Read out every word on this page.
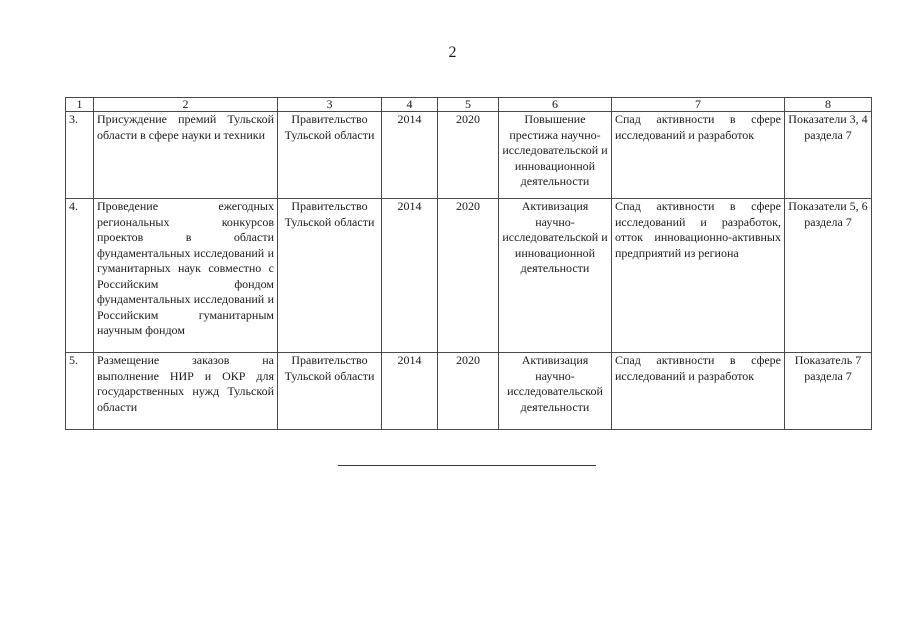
2
1	2	3	4	5	6	7	8
3.	Присуждение премий Тульской области в сфере науки и техники	Правительство Тульской области	2014	2020	Повышение престижа научно-исследовательской и инновационной деятельности	Спад активности в сфере исследований и разработок	Показатели 3, 4 раздела 7
4.	Проведение ежегодных региональных конкурсов проектов в области фундаментальных исследований и гуманитарных наук совместно с Российским фондом фундаментальных исследований и Российским гуманитарным научным фондом	Правительство Тульской области	2014	2020	Активизация научно-исследовательской и инновационной деятельности	Спад активности в сфере исследований и разработок, отток инновационно-активных предприятий из региона	Показатели 5, 6 раздела 7
5.	Размещение заказов на выполнение НИР и ОКР для государственных нужд Тульской области	Правительство Тульской области	2014	2020	Активизация научно-исследовательской деятельности	Спад активности в сфере исследований и разработок	Показатель 7 раздела 7
